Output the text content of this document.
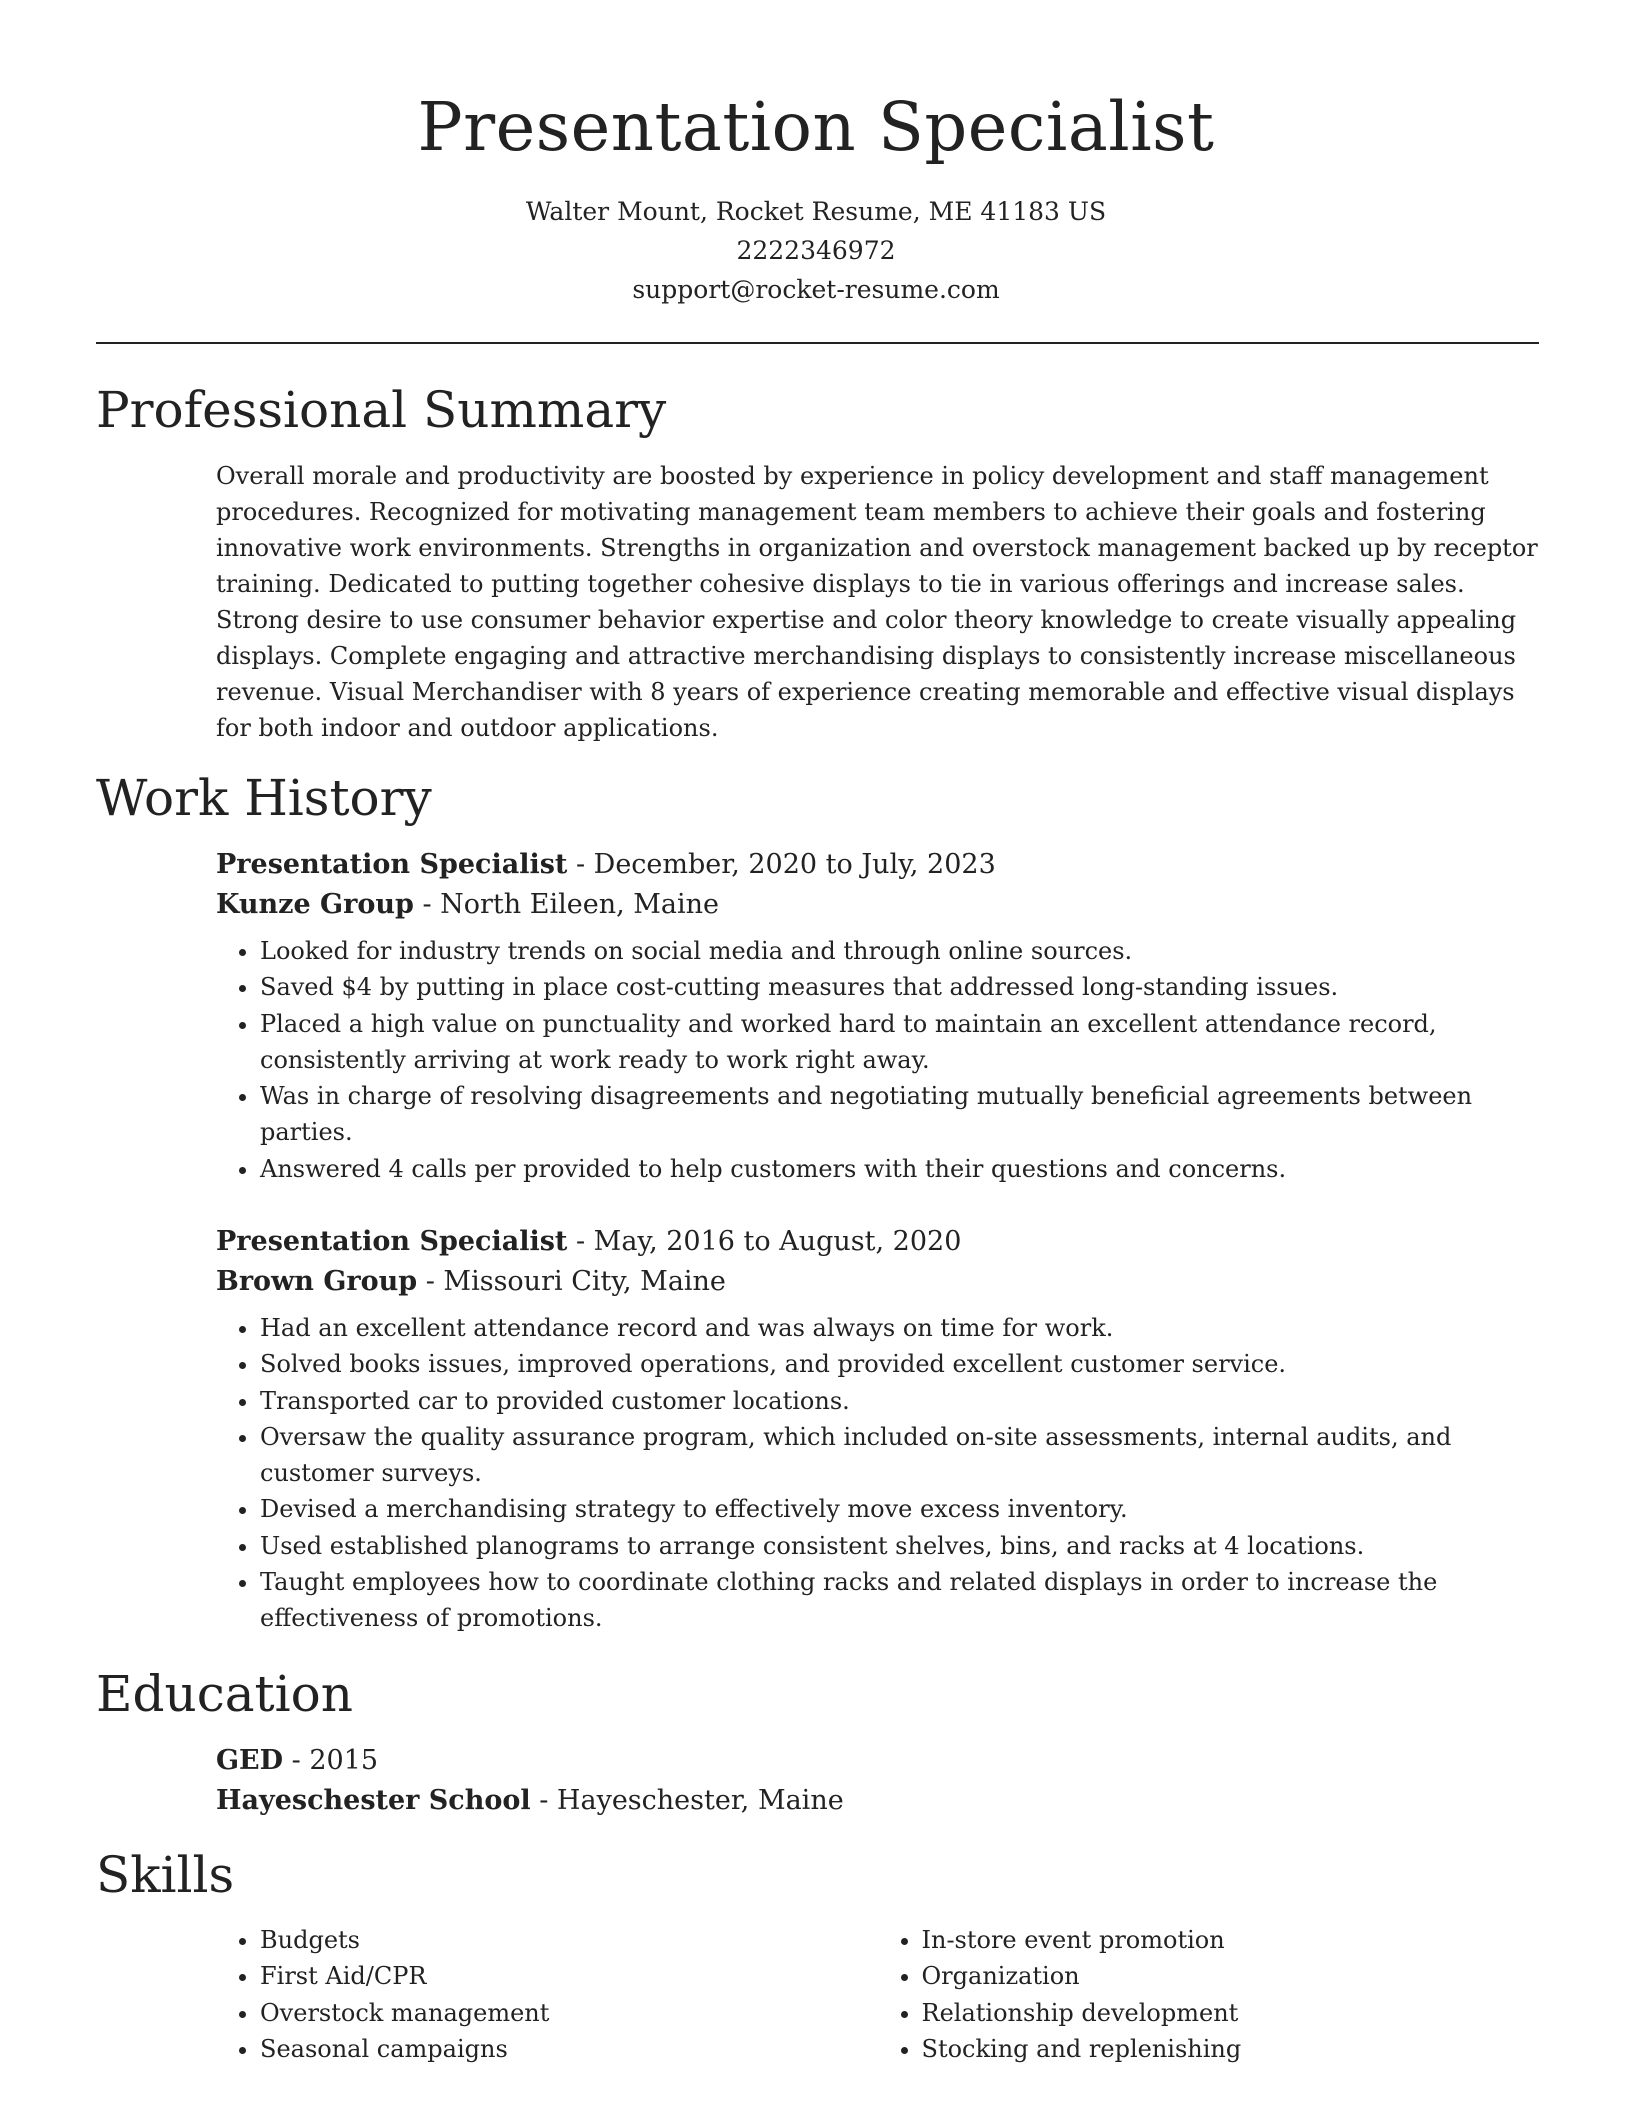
Presentation Specialist
Walter Mount, Rocket Resume, ME 41183 US
2222346972
support@rocket-resume.com
Professional Summary

Overall morale and productivity are boosted by experience in policy development and staff management procedures. Recognized for motivating management team members to achieve their goals and fostering innovative work environments. Strengths in organization and overstock management backed up by receptor training. Dedicated to putting together cohesive displays to tie in various offerings and increase sales. Strong desire to use consumer behavior expertise and color theory knowledge to create visually appealing displays. Complete engaging and attractive merchandising displays to consistently increase miscellaneous revenue. Visual Merchandiser with 8 years of experience creating memorable and effective visual displays for both indoor and outdoor applications.

Work History

Presentation Specialist - December, 2020 to July, 2023

Kunze Group - North Eileen, Maine

• Looked for industry trends on social media and through online sources.
• Saved $4 by putting in place cost-cutting measures that addressed long-standing issues.
• Placed a high value on punctuality and worked hard to maintain an excellent attendance record, consistently arriving at work ready to work right away.
• Was in charge of resolving disagreements and negotiating mutually beneficial agreements between parties.
• Answered 4 calls per provided to help customers with their questions and concerns.

Presentation Specialist - May, 2016 to August, 2020

Brown Group - Missouri City, Maine

• Had an excellent attendance record and was always on time for work.
• Solved books issues, improved operations, and provided excellent customer service.
• Transported car to provided customer locations.
• Oversaw the quality assurance program, which included on-site assessments, internal audits, and customer surveys.
• Devised a merchandising strategy to effectively move excess inventory.
• Used established planograms to arrange consistent shelves, bins, and racks at 4 locations.
• Taught employees how to coordinate clothing racks and related displays in order to increase the effectiveness of promotions.
Education

GED - 2015

Hayeschester School - Hayeschester, Maine

Skills
• Budgets
• First Aid/CPR
• Overstock management
• Seasonal campaigns
• In-store event promotion
• Organization
• Relationship development
• Stocking and replenishing
